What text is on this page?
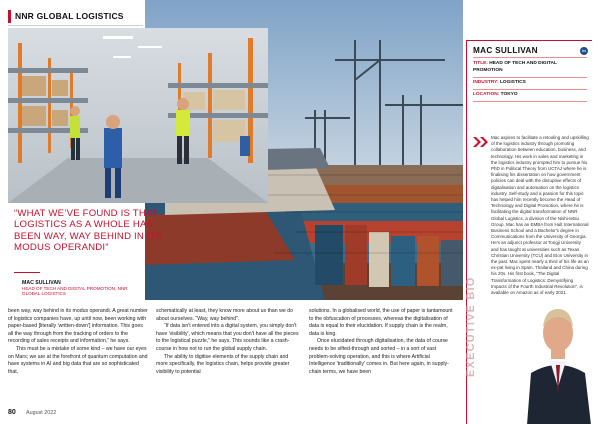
NNR GLOBAL LOGISTICS
“WHAT WE’VE FOUND IS THAT LOGISTICS AS A WHOLE HAS BEEN WAY, WAY BEHIND IN ITS MODUS OPERANDI”
MAC SULLIVAN
HEAD OF TECH AND DIGITAL PROMOTION, NNR GLOBAL LOGISTICS

been way, way behind in its modus operandi. A great number of logistics companies have, up until now, been working with paper-based [literally 'written-down'] information. This goes all the way through from the tracking of orders to the recording of sales receipts and information,” he says.

This must be a mistake of some kind – we have our eyes on Mars; we are at the forefront of quantum computation and have systems in AI and big data that are so sophisticated that,

schematically at least, they know more about us than we do about ourselves. “Way, way behind”.

“If data isn't entered into a digital system, you simply don't have 'visibility', which means that you don't have all the pieces to the logistical puzzle,” he says. This sounds like a crash-course in how not to run the global supply chain.

The ability to digitise elements of the supply chain and more specifically, the logistics chain, helps provide greater visibility to potential

solutions. In a globalised world, the use of paper is tantamount to the obfuscation of processes, whereas the digitalisation of data is equal to their elucidation. If supply chain is the realm, data is king.

Once elucidated through digitalisation, the data of course needs to be sifted-through and sorted – in a sort of vast problem-solving operation, and this is where Artificial Intelligence 'traditionally' comes in. But here again, in supply-chain terms, we have been

80 August 2022
MAC SULLIVAN	in
TITLE: HEAD OF TECH AND DIGITAL PROMOTION
INDUSTRY: LOGISTICS
LOCATION: TOKYO
Mac aspires to facilitate a retooling and upskilling of the logistics industry through promoting collaboration between education, business, and technology. His work in sales and marketing in the logistics industry prompted him to pursue his PhD in Political Theory from UCTAJ where he is finalising his dissertation on how government policies can deal with the disruptive effects of digitalisation and automation on the logistics industry. Self-study and a passion for this topic has helped him recently become the Head of Technology and Digital Promotion, where he is facilitating the digital transformation of NNR Global Logistics, a division of the Nishi-tetsu Group. Mac has an EMBA from Hult International Business School and a Bachelor's degree in Communications from the University of Georgia. He's an adjunct professor at Tongji University and has taught at universities such as Texas Christian University (TCU) and Elon University in the past. Mac spent nearly a third of his life as an ex-pat living in Spain, Thailand and China during his 20s. His first book, “The Digital Transformation of Logistics: Demystifying Impacts of the Fourth Industrial Revolution”, is available on Amazon as of early 2021.
EXECUTIVE BIO
